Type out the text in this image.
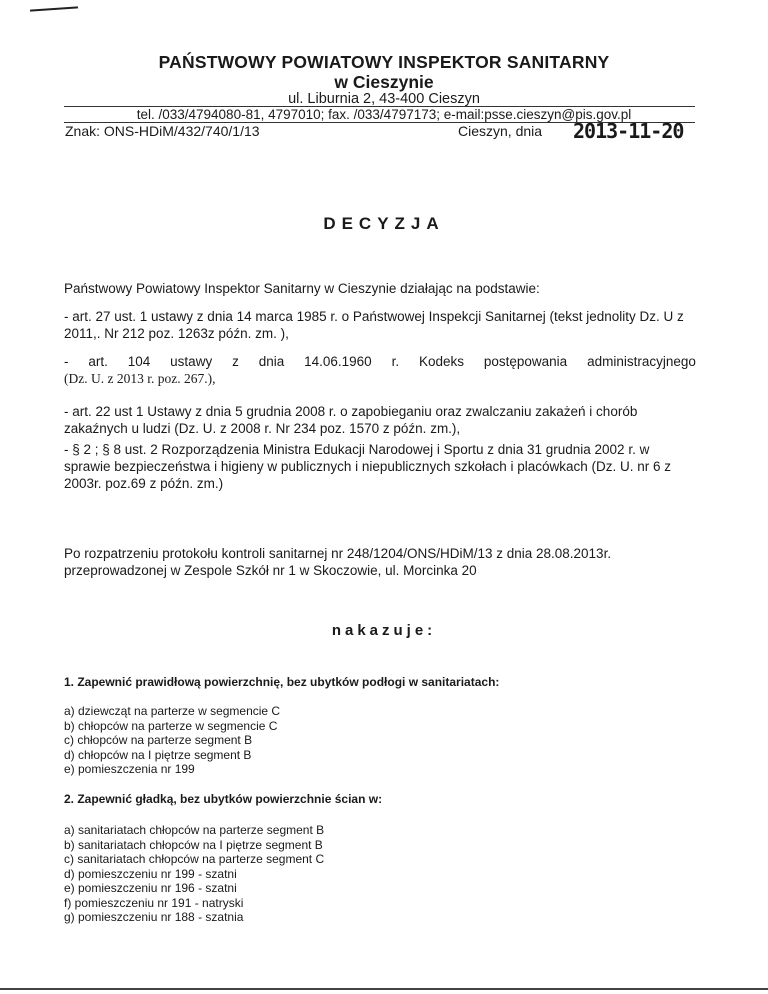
PAŃSTWOWY POWIATOWY INSPEKTOR SANITARNY
w Cieszynie
ul. Liburnia 2, 43-400 Cieszyn
tel. /033/4794080-81, 4797010; fax. /033/4797173; e-mail:psse.cieszyn@pis.gov.pl
Znak: ONS-HDiM/432/740/1/13	Cieszyn, dnia 2013-11-20
DECYZJA
Państwowy Powiatowy Inspektor Sanitarny w Cieszynie działając na podstawie:
- art. 27 ust. 1 ustawy z dnia 14 marca 1985 r. o Państwowej Inspekcji Sanitarnej (tekst jednolity Dz. U z 2011,. Nr 212 poz. 1263z późn. zm. ),
- art. 104 ustawy z dnia 14.06.1960 r. Kodeks postępowania administracyjnego
(Dz. U. z 2013 r. poz. 267.),
- art. 22 ust 1 Ustawy z dnia 5 grudnia 2008 r. o zapobieganiu oraz zwalczaniu zakażeń i chorób zakaźnych u ludzi (Dz. U. z 2008 r. Nr 234 poz. 1570 z późn. zm.),
- § 2 ; § 8 ust. 2 Rozporządzenia Ministra Edukacji Narodowej i Sportu z dnia 31 grudnia 2002 r. w sprawie bezpieczeństwa i higieny w publicznych i niepublicznych szkołach i placówkach (Dz. U. nr 6 z 2003r. poz.69 z późn. zm.)
Po rozpatrzeniu protokołu kontroli sanitarnej nr 248/1204/ONS/HDiM/13 z dnia 28.08.2013r. przeprowadzonej w Zespole Szkół nr 1 w Skoczowie, ul. Morcinka 20
nakazuje:
1. Zapewnić prawidłową powierzchnię, bez ubytków podłogi w sanitariatach:
a) dziewcząt na parterze w segmencie C
b) chłopców na parterze w segmencie C
c) chłopców na parterze segment B
d) chłopców na I piętrze segment B
e) pomieszczenia nr 199
2. Zapewnić gładką, bez ubytków powierzchnie ścian w:
a) sanitariatach chłopców na parterze segment B
b) sanitariatach chłopców na I piętrze segment B
c) sanitariatach chłopców na parterze segment C
d) pomieszczeniu nr 199 - szatni
e) pomieszczeniu nr 196 - szatni
f) pomieszczeniu nr 191 - natryski
g) pomieszczeniu nr 188 - szatnia
